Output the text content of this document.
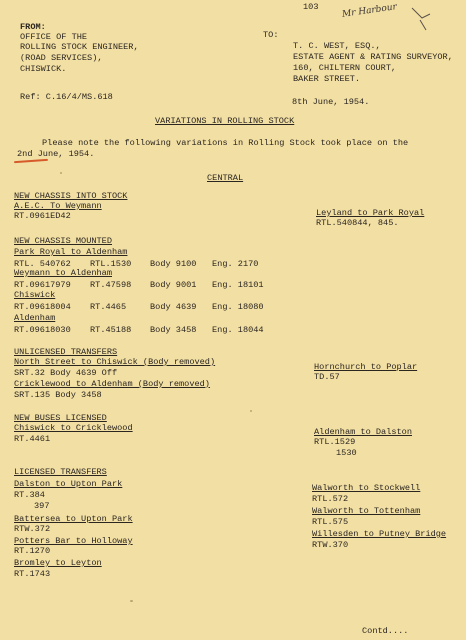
103	Mr Harbour
FROM:
OFFICE OF THE
ROLLING STOCK ENGINEER,
(ROAD SERVICES),
CHISWICK.
TO:
T. C. WEST, ESQ.,
ESTATE AGENT & RATING SURVEYOR,
160, CHILTERN COURT,
BAKER STREET.
Ref: C.16/4/MS.618	8th June, 1954.
VARIATIONS IN ROLLING STOCK
Please note the following variations in Rolling Stock took place on the
2nd June, 1954.
CENTRAL
NEW CHASSIS INTO STOCK
A.E.C. To Weymann
RT.0961ED42	Leyland to Park Royal
RTL.540844, 845.
NEW CHASSIS MOUNTED
Park Royal to Aldenham
RTL. 540762 RTL.1530 Body 9100 Eng. 2170
Weymann to Aldenham
RT.09617979 RT.47598 Body 9001 Eng. 18101
Chiswick
RT.09618004 RT.4465	Body 4639 Eng. 18080
Aldenham
RT.09618030 RT.45188 Body 3458 Eng. 18044
UNLICENSED TRANSFERS
North Street to Chiswick (Body removed)
SRT.32 Body 4639 Off
Cricklewood to Aldenham (Body removed)
SRT.135 Body 3458
Hornchurch to Poplar
TD.57
NEW BUSES LICENSED
Chiswick to Cricklewood
RT.4461
Aldenham to Dalston
RTL.1529
1530
LICENSED TRANSFERS
Dalston to Upton Park
RT.384
397
Battersea to Upton Park
RTW.372
Potters Bar to Holloway
RT.1270
Bromley to Leyton
RT.1743
Walworth to Stockwell
RTL.572
Walworth to Tottenham
RTL.575
Willesden to Putney Bridge
RTW.370
Contd....
